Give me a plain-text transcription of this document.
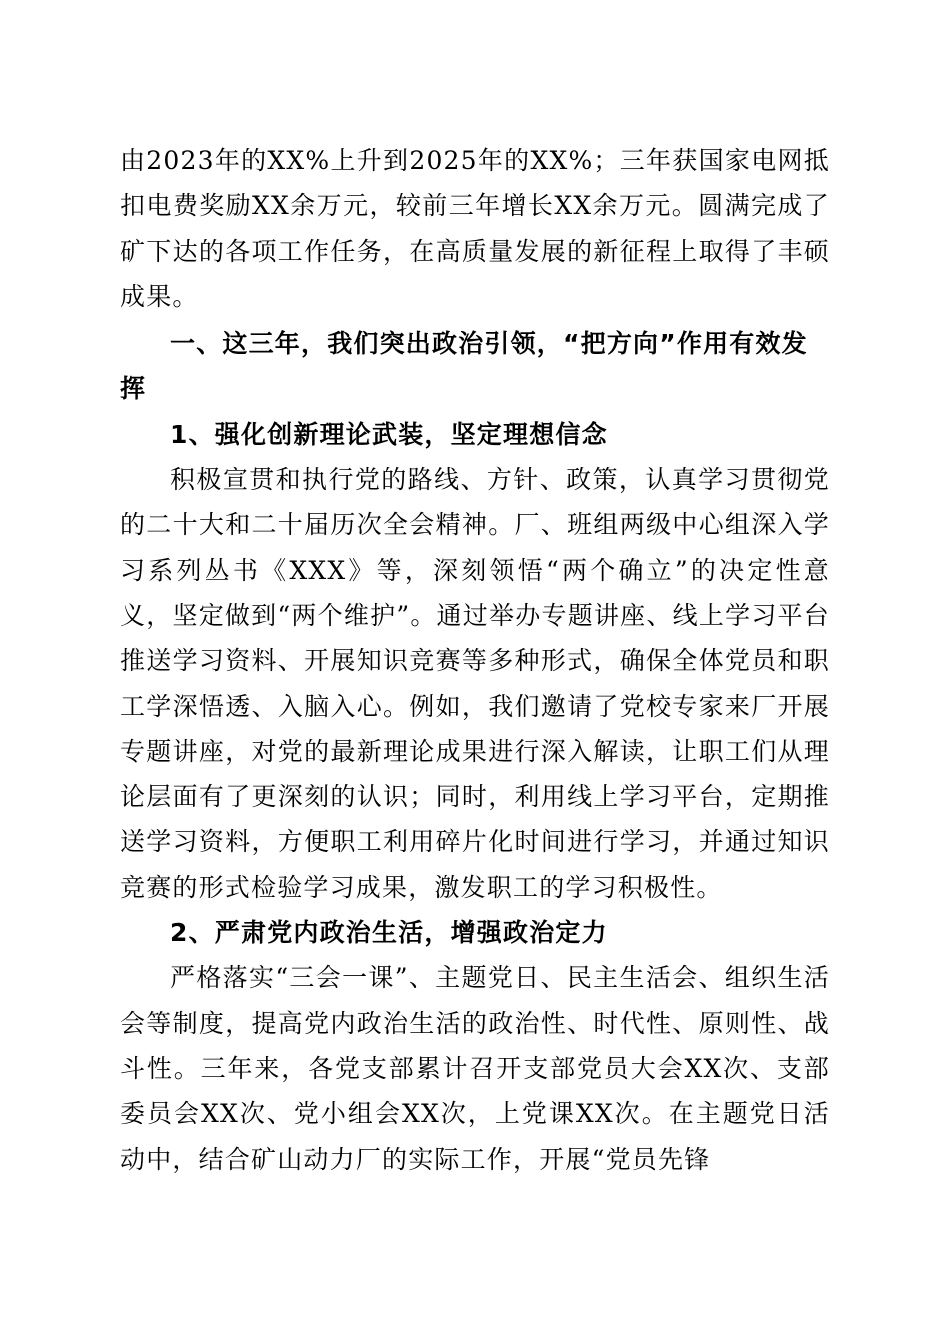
由2023年的XX%上升到2025年的XX%；三年获国家电网抵扣电费奖励XX余万元，较前三年增长XX余万元。圆满完成了矿下达的各项工作任务，在高质量发展的新征程上取得了丰硕成果。

一、这三年，我们突出政治引领，“把方向”作用有效发挥

1、强化创新理论武装，坚定理想信念

积极宣贯和执行党的路线、方针、政策，认真学习贯彻党的二十大和二十届历次全会精神。厂、班组两级中心组深入学习系列丛书《XXX》等，深刻领悟“两个确立”的决定性意义，坚定做到“两个维护”。通过举办专题讲座、线上学习平台推送学习资料、开展知识竞赛等多种形式，确保全体党员和职工学深悟透、入脑入心。例如，我们邀请了党校专家来厂开展专题讲座，对党的最新理论成果进行深入解读，让职工们从理论层面有了更深刻的认识；同时，利用线上学习平台，定期推送学习资料，方便职工利用碎片化时间进行学习，并通过知识竞赛的形式检验学习成果，激发职工的学习积极性。

2、严肃党内政治生活，增强政治定力

严格落实“三会一课”、主题党日、民主生活会、组织生活会等制度，提高党内政治生活的政治性、时代性、原则性、战斗性。三年来，各党支部累计召开支部党员大会XX次、支部委员会XX次、党小组会XX次，上党课XX次。在主题党日活动中，结合矿山动力厂的实际工作，开展“党员先锋
